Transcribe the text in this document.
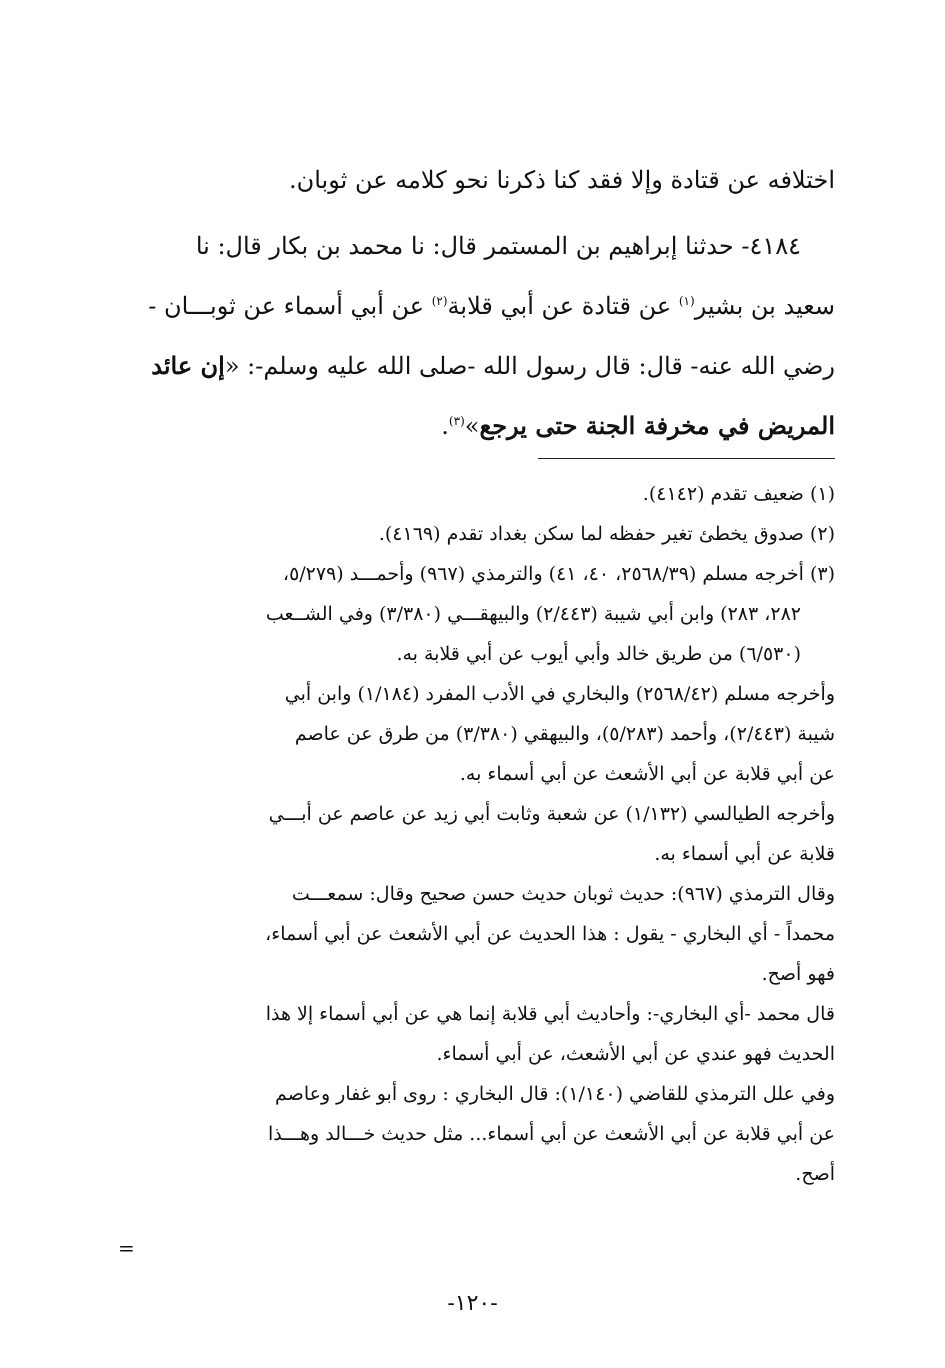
اختلافه عن قتادة وإلا فقد كنا ذكرنا نحو كلامه عن ثوبان.
٤١٨٤- حدثنا إبراهيم بن المستمر قال: نا محمد بن بكار قال: نا
سعيد بن بشير$^{(١)}$ عن قتادة عن أبي قلابة$^{(٢)}$ عن أبي أسماء عن ثوبـــان -
رضي الله عنه- قال: قال رسول الله -صلى الله عليه وسلم-: «إن عائد
المريض في مخرفة الجنة حتى يرجع»$^{(٣)}$.
(١) ضعيف تقدم (٤١٤٢).
(٢) صدوق يخطئ تغير حفظه لما سكن بغداد تقدم (٤١٦٩).
(٣) أخرجه مسلم (٢٥٦٨/٣٩، ٤٠، ٤١) والترمذي (٩٦٧) وأحمـــد (٥/٢٧٩،
٢٨٢، ٢٨٣) وابن أبي شيبة (٢/٤٤٣) والبيهقـــي (٣/٣٨٠) وفي الشــعب
(٦/٥٣٠) من طريق خالد وأبي أيوب عن أبي قلابة به.
وأخرجه مسلم (٢٥٦٨/٤٢) والبخاري في الأدب المفرد (١/١٨٤) وابن أبي
شيبة (٢/٤٤٣)، وأحمد (٥/٢٨٣)، والبيهقي (٣/٣٨٠) من طرق عن عاصم
عن أبي قلابة عن أبي الأشعث عن أبي أسماء به.
وأخرجه الطيالسي (١/١٣٢) عن شعبة وثابت أبي زيد عن عاصم عن أبـــي
قلابة عن أبي أسماء به.
وقال الترمذي (٩٦٧): حديث ثوبان حديث حسن صحيح وقال: سمعـــت
محمداً - أي البخاري - يقول : هذا الحديث عن أبي الأشعث عن أبي أسماء،
فهو أصح.
قال محمد -أي البخاري-: وأحاديث أبي قلابة إنما هي عن أبي أسماء إلا هذا
الحديث فهو عندي عن أبي الأشعث، عن أبي أسماء.
وفي علل الترمذي للقاضي (١/١٤٠): قال البخاري : روى أبو غفار وعاصم
عن أبي قلابة عن أبي الأشعث عن أبي أسماء... مثل حديث خـــالد وهـــذا
أصح.
=
-١٢٠-
